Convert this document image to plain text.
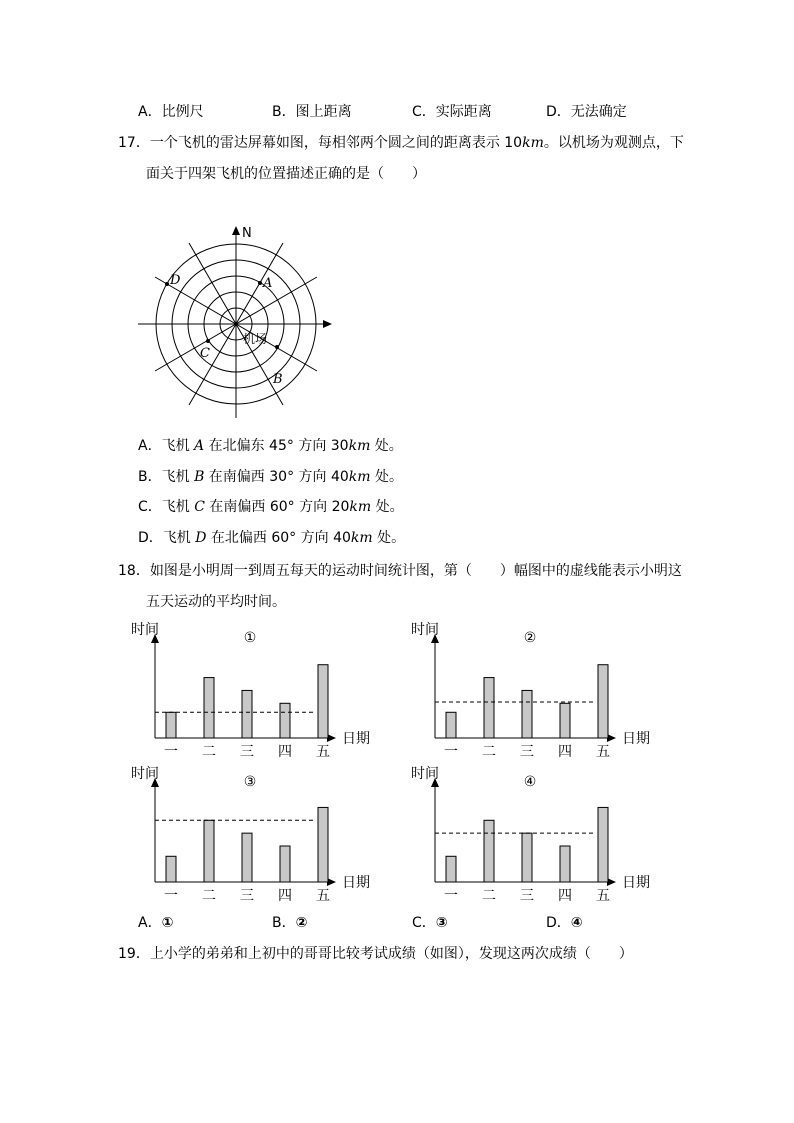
A．比例尺	B．图上距离	C．实际距离	D．无法确定
17．一个飞机的雷达屏幕如图，每相邻两个圆之间的距离表示 10km。以机场为观测点，下
面关于四架飞机的位置描述正确的是（　　）
N
A
B
C
D
机场
A．飞机 A 在北偏东 45° 方向 30km 处。
B．飞机 B 在南偏西 30° 方向 40km 处。
C．飞机 C 在南偏西 60° 方向 20km 处。
D．飞机 D 在北偏西 60° 方向 40km 处。
18．如图是小明周一到周五每天的运动时间统计图，第（　　）幅图中的虚线能表示小明这
五天运动的平均时间。
时间
日期
①
一 二 三 四 五
时间
日期
②
一 二 三 四 五
时间
日期
③
一 二 三 四 五
时间
日期
④
一 二 三 四 五
A．①	B．②	C．③	D．④
19．上小学的弟弟和上初中的哥哥比较考试成绩（如图），发现这两次成绩（　　）
